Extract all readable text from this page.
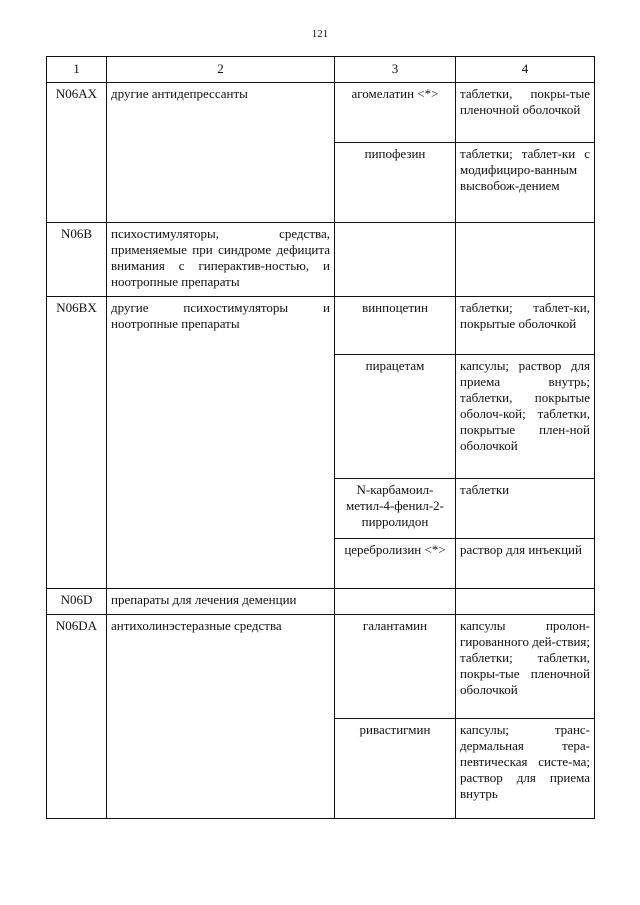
121
1	2	3	4
N06AX	другие антидепрессанты	агомелатин <*>	таблетки, покры-тые пленочной оболочкой
		пипофезин	таблетки; таблет-ки с модифициро-ванным высвобож-дением
N06B	психостимуляторы, средства, применяемые при синдроме дефицита внимания с гиперактив-ностью, и ноотропные препараты		
N06BX	другие психостимуляторы и ноотропные препараты	винпоцетин	таблетки; таблет-ки, покрытые оболочкой
		пирацетам	капсулы; раствор для приема внутрь; таблетки, покрытые оболоч-кой; таблетки, покрытые плен-ной оболочкой
		N-карбамоил-метил-4-фенил-2-пирролидон	таблетки
		церебролизин <*>	раствор для инъекций
N06D	препараты для лечения деменции		
N06DA	антихолинэстеразные средства	галантамин	капсулы пролон-гированного дей-ствия; таблетки; таблетки, покры-тые пленочной оболочкой
		ривастигмин	капсулы; транс-дермальная тера-певтическая систе-ма; раствор для приема внутрь
